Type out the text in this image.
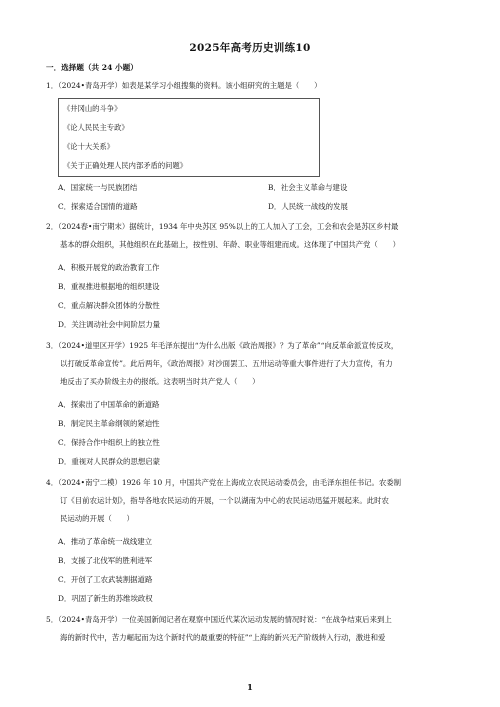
2025年高考历史训练10
一．选择题（共 24 小题）

1．（2024•青岛开学）如表是某学习小组搜集的资料。该小组研究的主题是（　　）

《井冈山的斗争》
《论人民民主专政》
《论十大关系》
《关于正确处理人民内部矛盾的问题》
A．国家统一与民族团结	B．社会主义革命与建设
C．探索适合国情的道路	D．人民统一战线的发展
2．（2024春•南宁期末）据统计，1934 年中央苏区 95%以上的工人加入了工会，工会和农会是苏区乡村最
基本的群众组织，其他组织在此基础上，按性别、年龄、职业等组建而成。这体现了中国共产党（　　）
A．积极开展党的政治教育工作
B．重视推进根据地的组织建设
C．重点解决群众团体的分散性
D．关注调动社会中间阶层力量
3．（2024•道里区开学）1925 年毛泽东提出“为什么出版《政治周报》？为了革命”“向反革命派宣传反攻，
以打破反革命宣传”。此后两年，《政治周报》对沙面罢工、五卅运动等重大事件进行了大力宣传，有力
地反击了买办阶级主办的报纸。这表明当时共产党人（　　）
A．探索出了中国革命的新道路
B．制定民主革命纲领的紧迫性
C．保持合作中组织上的独立性
D．重视对人民群众的思想启蒙
4．（2024•南宁二模）1926 年 10 月，中国共产党在上海成立农民运动委员会，由毛泽东担任书记。农委制
订《目前农运计划》，指导各地农民运动的开展，一个以湖南为中心的农民运动迅猛开展起来。此时农
民运动的开展（　　）
A．推动了革命统一战线建立
B．支援了北伐军的胜利进军
C．开创了工农武装割据道路
D．巩固了新生的苏维埃政权
5．（2024•青岛开学）一位美国新闻记者在观察中国近代某次运动发展的情况时说：“在战争结束后来到上
海的新时代中，苦力崛起而为这个新时代的最重要的特征”“上海的新兴无产阶级转入行动，激进和爱
1
